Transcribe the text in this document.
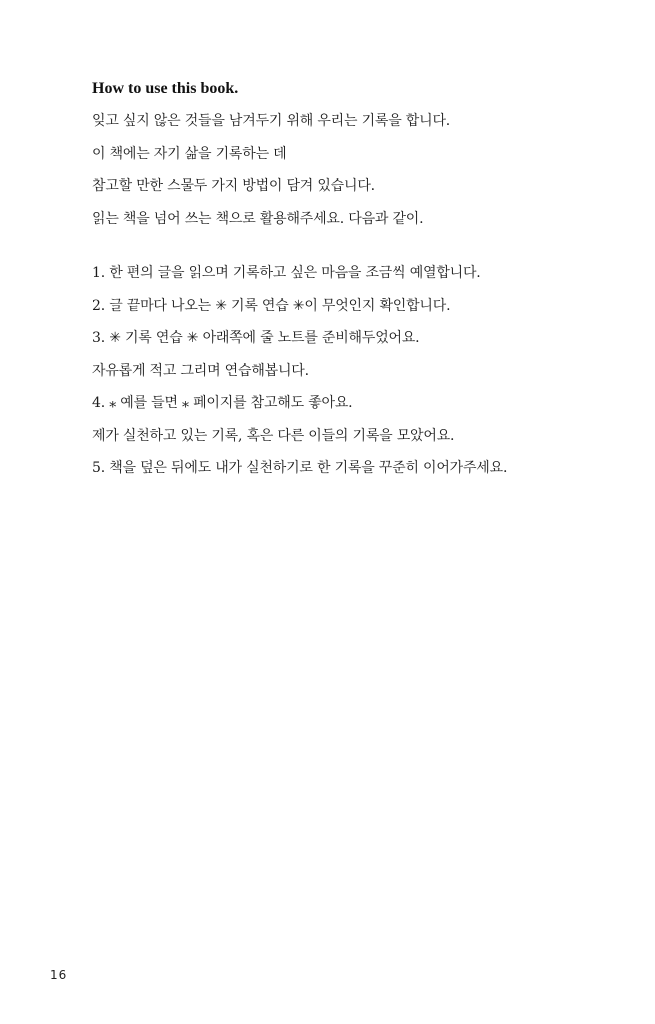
How to use this book.

잊고 싶지 않은 것들을 남겨두기 위해 우리는 기록을 합니다.

이 책에는 자기 삶을 기록하는 데

참고할 만한 스물두 가지 방법이 담겨 있습니다.

읽는 책을 넘어 쓰는 책으로 활용해주세요. 다음과 같이.

1. 한 편의 글을 읽으며 기록하고 싶은 마음을 조금씩 예열합니다.

2. 글 끝마다 나오는 ✳ 기록 연습 ✳이 무엇인지 확인합니다.

3. ✳ 기록 연습 ✳ 아래쪽에 줄 노트를 준비해두었어요.

자유롭게 적고 그리며 연습해봅니다.

4. ⁎ 예를 들면 ⁎ 페이지를 참고해도 좋아요.

제가 실천하고 있는 기록, 혹은 다른 이들의 기록을 모았어요.

5. 책을 덮은 뒤에도 내가 실천하기로 한 기록을 꾸준히 이어가주세요.

16
